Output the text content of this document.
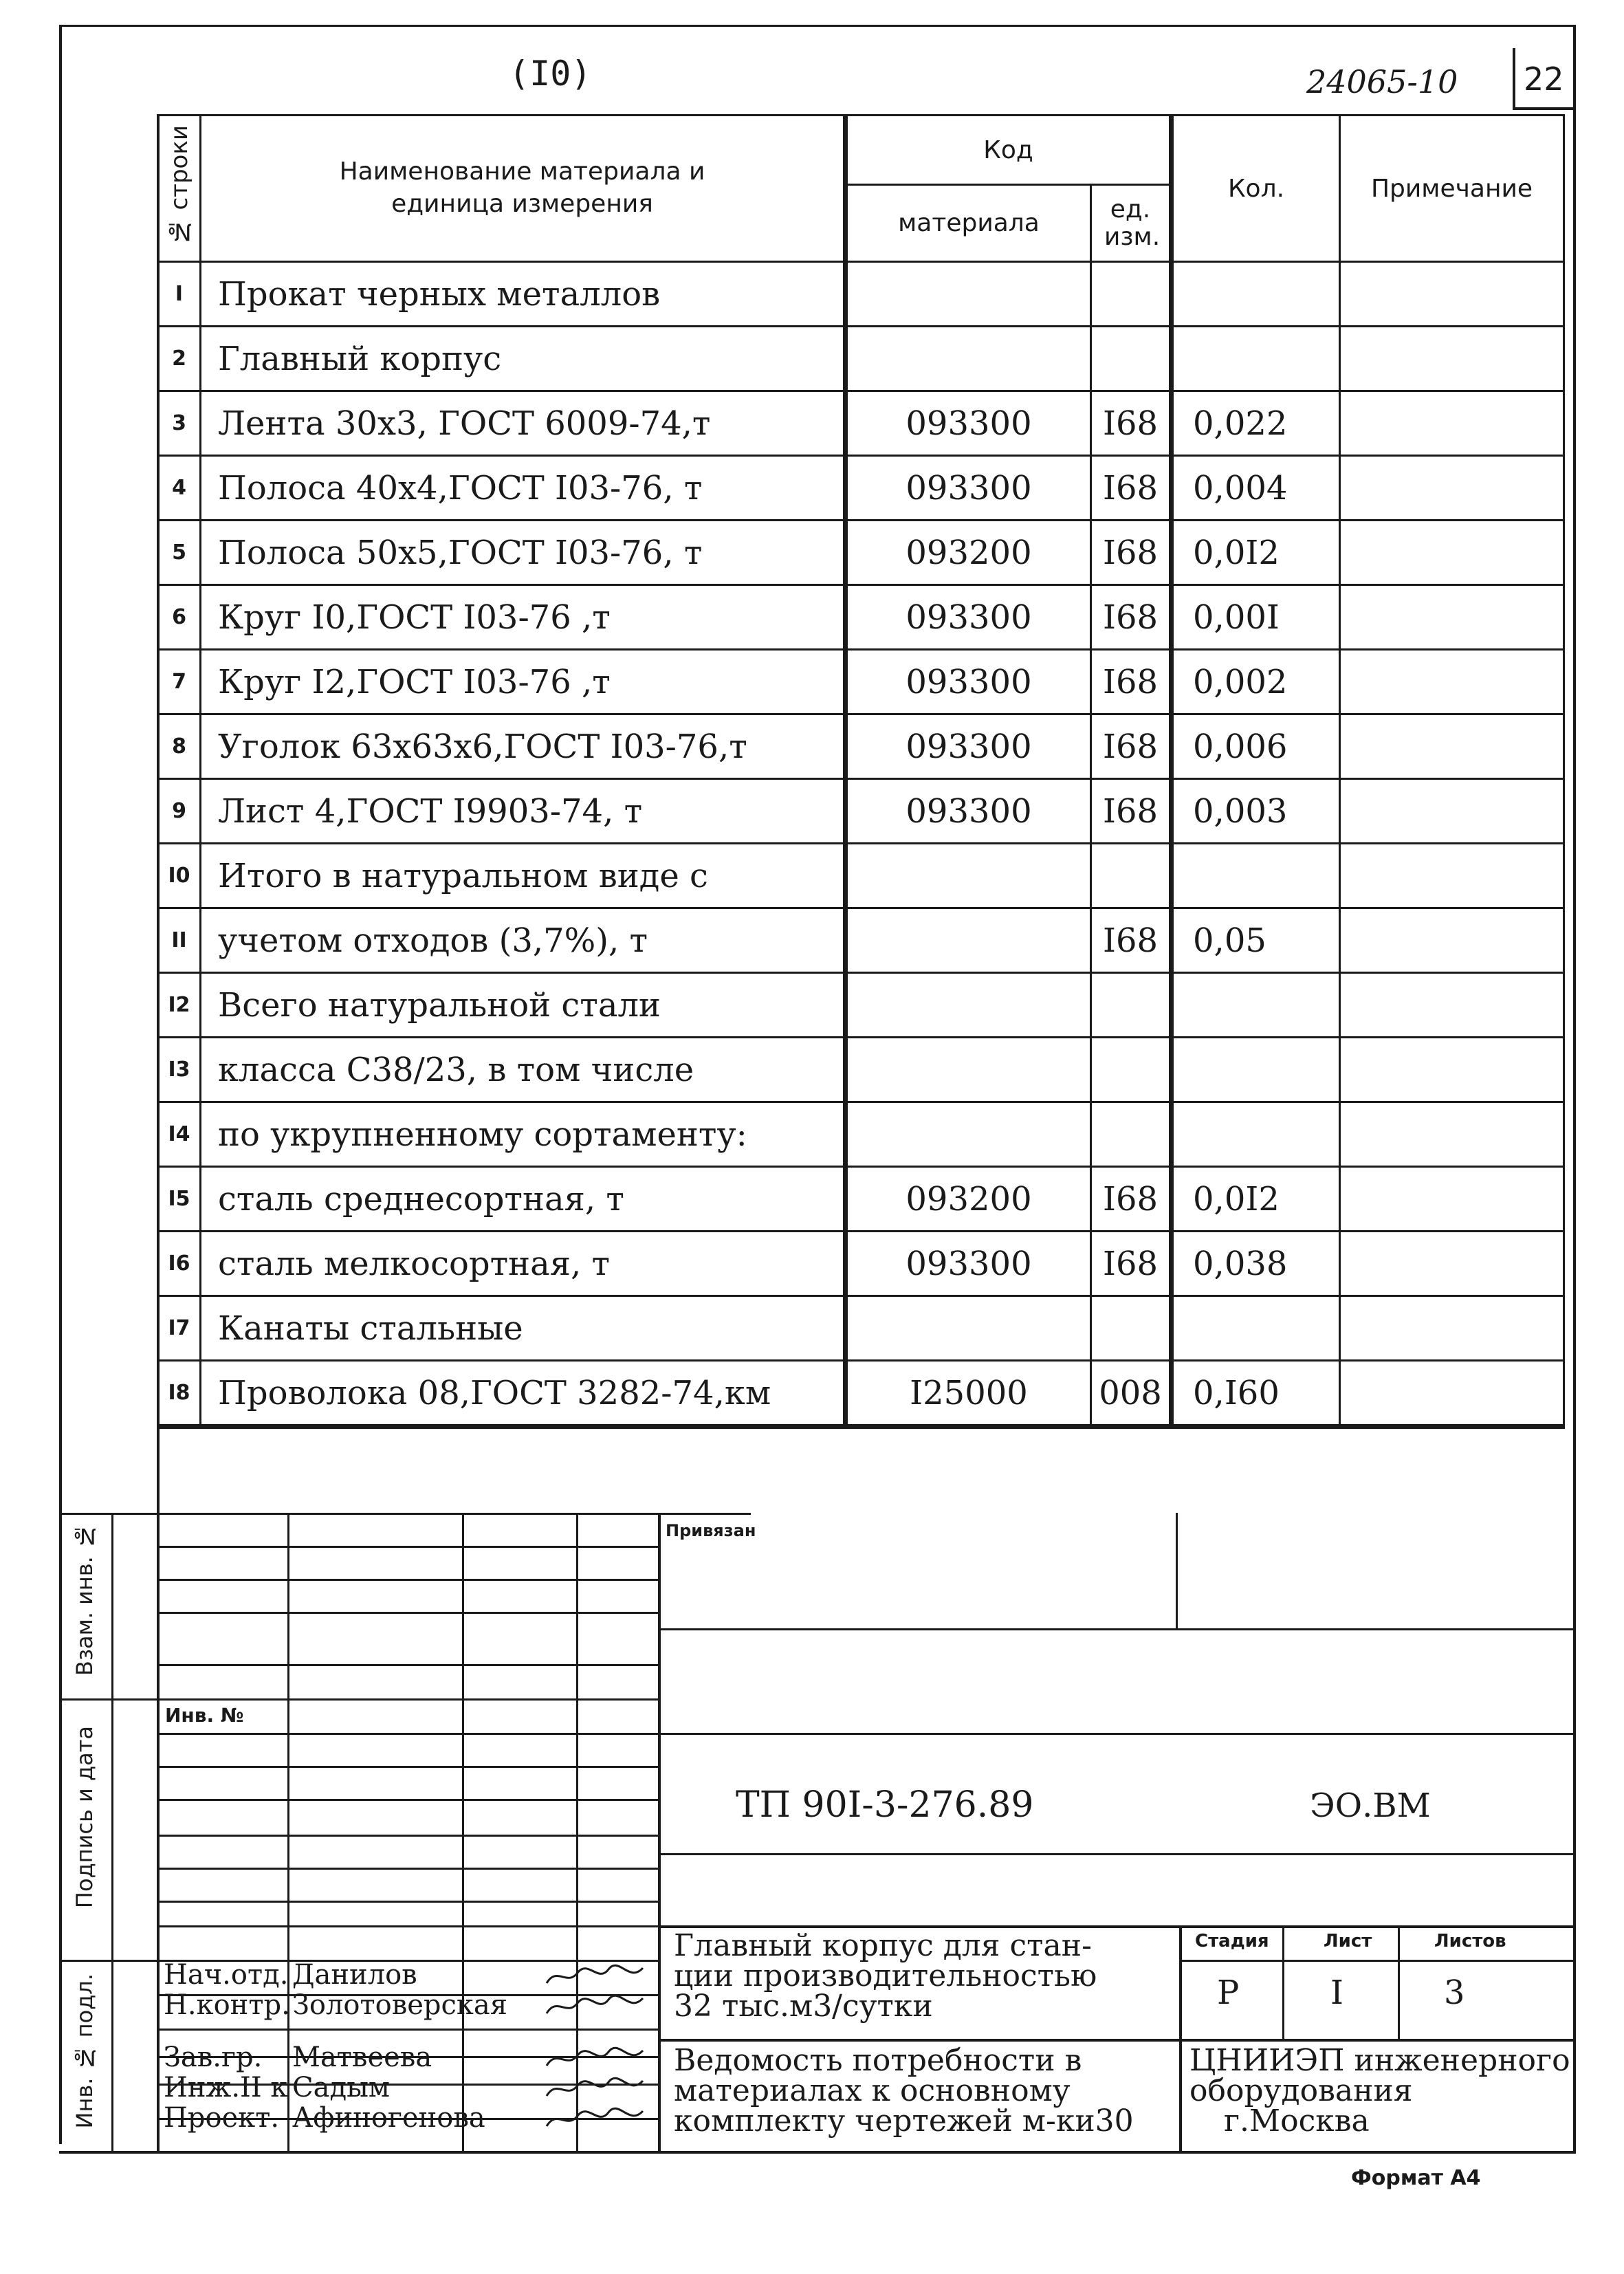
(I0)	24065-10 22
№ строки	Наименование материала и единица измерения	Код		Кол.	Примечание
		материала	ед. изм.		

I	Прокат черных металлов				
2	Главный корпус				
3	Лента 30х3, ГОСТ 6009-74,т	093300	I68	0,022	
4	Полоса 40х4,ГОСТ I03-76, т	093300	I68	0,004	
5	Полоса 50х5,ГОСТ I03-76, т	093200	I68	0,0I2	
6	Круг I0,ГОСТ I03-76 ,т	093300	I68	0,00I	
7	Круг I2,ГОСТ I03-76 ,т	093300	I68	0,002	
8	Уголок 63х63х6,ГОСТ I03-76,т	093300	I68	0,006	
9	Лист 4,ГОСТ I9903-74, т	093300	I68	0,003	
I0	Итого в натуральном виде с				
II	учетом отходов (3,7%), т		I68	0,05	
I2	Всего натуральной стали				
I3	класса С38/23, в том числе				
I4	по укрупненному сортаменту:				
I5	сталь среднесортная, т	093200	I68	0,0I2	
I6	сталь мелкосортная, т	093300	I68	0,038	
I7	Канаты стальные				
I8	Проволока 08,ГОСТ 3282-74,км	I25000	008	0,I60	
Взам. инв. №
Подпись и дата
Инв. № подл.
Инв. №
Привязан
ТП 90I-3-276.89	ЭО.ВМ
Главный корпус для стан-
ции производительностью
32 тыс.м3/сутки
Ведомость потребности в
материалах к основному
комплекту чертежей м-ки30
Стадия	Лист	Листов
Р	I	3
ЦНИИЭП инженерного
оборудования
г.Москва
Нач.отд. Данилов
Н.контр. Золотоверская
Зав.гр. Матвеева
Инж.II к Садым
Проект. Афиногенова
Формат А4
